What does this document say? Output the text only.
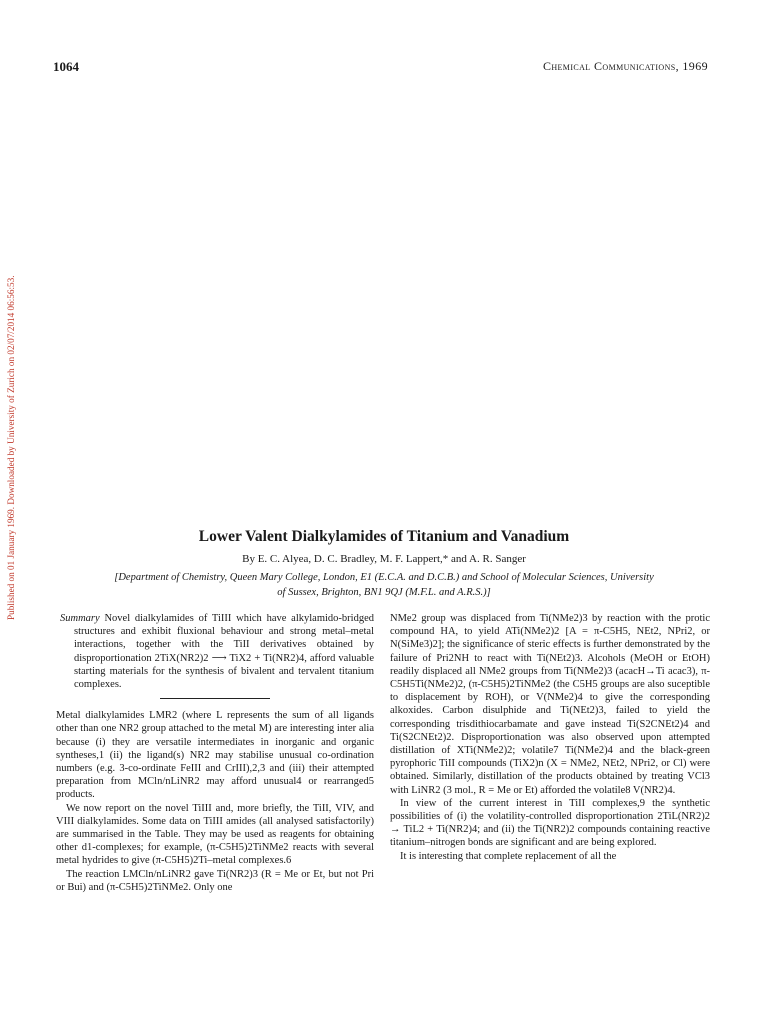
1064	Chemical Communications, 1969
Published on 01 January 1969. Downloaded by University of Zurich on 02/07/2014 06:56:53.	Lower Valent Dialkylamides of Titanium and Vanadium
By E. C. Alyea, D. C. Bradley, M. F. Lappert,* and A. R. Sanger
[Department of Chemistry, Queen Mary College, London, E1 (E.C.A. and D.C.B.) and School of Molecular Sciences, University
of Sussex, Brighton, BN1 9QJ (M.F.L. and A.R.S.)]

Summary Novel dialkylamides of TiIII which have alkylamido-bridged structures and exhibit fluxional behaviour and strong metal–metal interactions, together with the TiII derivatives obtained by disproportionation 2TiX(NR2)2 ⟶ TiX2 + Ti(NR2)4, afford valuable starting materials for the synthesis of bivalent and tervalent titanium complexes.

Metal dialkylamides LMR2 (where L represents the sum of all ligands other than one NR2 group attached to the metal M) are interesting inter alia because (i) they are versatile intermediates in inorganic and organic syntheses,1 (ii) the ligand(s) NR2 may stabilise unusual co-ordination numbers (e.g. 3-co-ordinate FeIII and CrIII),2,3 and (iii) their attempted preparation from MCln/nLiNR2 may afford unusual4 or rearranged5 products.

We now report on the novel TiIII and, more briefly, the TiII, VIV, and VIII dialkylamides. Some data on TiIII amides (all analysed satisfactorily) are summarised in the Table. They may be used as reagents for obtaining other d1-complexes; for example, (π-C5H5)2TiNMe2 reacts with several metal hydrides to give (π-C5H5)2Ti–metal complexes.6

The reaction LMCln/nLiNR2 gave Ti(NR2)3 (R = Me or Et, but not Pri or Bui) and (π-C5H5)2TiNMe2. Only one

NMe2 group was displaced from Ti(NMe2)3 by reaction with the protic compound HA, to yield ATi(NMe2)2 [A = π-C5H5, NEt2, NPri2, or N(SiMe3)2]; the significance of steric effects is further demonstrated by the failure of Pri2NH to react with Ti(NEt2)3. Alcohols (MeOH or EtOH) readily displaced all NMe2 groups from Ti(NMe2)3 (acacH→Ti acac3), π-C5H5Ti(NMe2)2, (π-C5H5)2TiNMe2 (the C5H5 groups are also suceptible to displacement by ROH), or V(NMe2)4 to give the corresponding alkoxides. Carbon disulphide and Ti(NEt2)3, failed to yield the corresponding trisdithiocarbamate and gave instead Ti(S2CNEt2)4 and Ti(S2CNEt2)2. Disproportionation was also observed upon attempted distillation of XTi(NMe2)2; volatile7 Ti(NMe2)4 and the black-green pyrophoric TiII compounds (TiX2)n (X = NMe2, NEt2, NPri2, or Cl) were obtained. Similarly, distillation of the products obtained by treating VCl3 with LiNR2 (3 mol., R = Me or Et) afforded the volatile8 V(NR2)4.

In view of the current interest in TiII complexes,9 the synthetic possibilities of (i) the volatility-controlled disproportionation 2TiL(NR2)2 → TiL2 + Ti(NR2)4; and (ii) the Ti(NR2)2 compounds containing reactive titanium–nitrogen bonds are significant and are being explored.

It is interesting that complete replacement of all the
